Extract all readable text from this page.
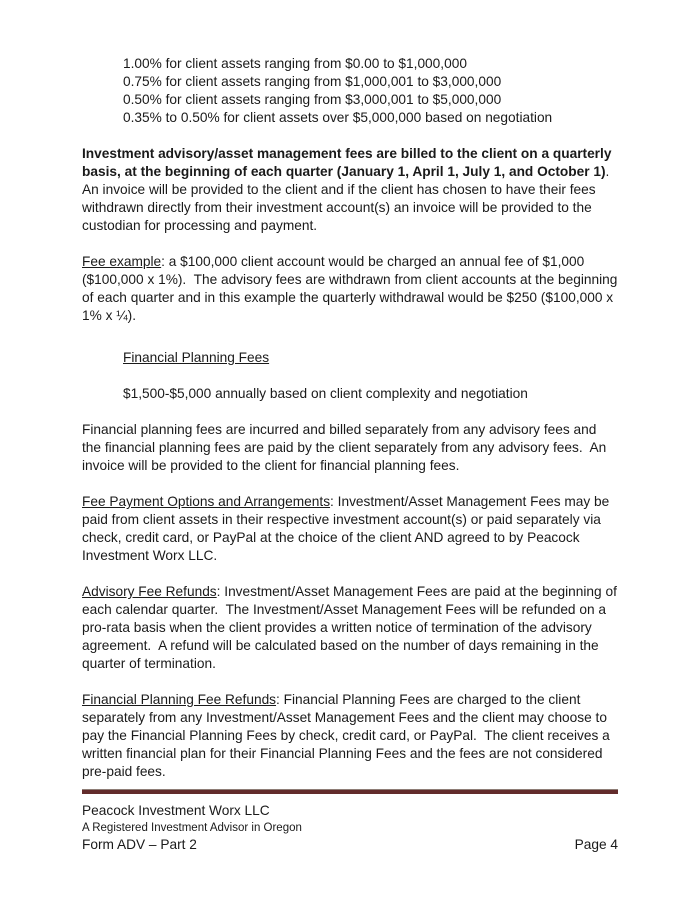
1.00% for client assets ranging from $0.00 to $1,000,000
0.75% for client assets ranging from $1,000,001 to $3,000,000
0.50% for client assets ranging from $3,000,001 to $5,000,000
0.35% to 0.50% for client assets over $5,000,000 based on negotiation

Investment advisory/asset management fees are billed to the client on a quarterly basis, at the beginning of each quarter (January 1, April 1, July 1, and October 1).  An invoice will be provided to the client and if the client has chosen to have their fees withdrawn directly from their investment account(s) an invoice will be provided to the custodian for processing and payment.

Fee example: a $100,000 client account would be charged an annual fee of $1,000 ($100,000 x 1%).  The advisory fees are withdrawn from client accounts at the beginning of each quarter and in this example the quarterly withdrawal would be $250 ($100,000 x 1% x ¼).

Financial Planning Fees
$1,500-$5,000 annually based on client complexity and negotiation

Financial planning fees are incurred and billed separately from any advisory fees and the financial planning fees are paid by the client separately from any advisory fees.  An invoice will be provided to the client for financial planning fees.

Fee Payment Options and Arrangements: Investment/Asset Management Fees may be paid from client assets in their respective investment account(s) or paid separately via check, credit card, or PayPal at the choice of the client AND agreed to by Peacock Investment Worx LLC.

Advisory Fee Refunds: Investment/Asset Management Fees are paid at the beginning of each calendar quarter.  The Investment/Asset Management Fees will be refunded on a pro-rata basis when the client provides a written notice of termination of the advisory agreement.  A refund will be calculated based on the number of days remaining in the quarter of termination.

Financial Planning Fee Refunds: Financial Planning Fees are charged to the client separately from any Investment/Asset Management Fees and the client may choose to pay the Financial Planning Fees by check, credit card, or PayPal.  The client receives a written financial plan for their Financial Planning Fees and the fees are not considered pre-paid fees.

Peacock Investment Worx LLC
A Registered Investment Advisor in Oregon
Form ADV – Part 2	Page 4
